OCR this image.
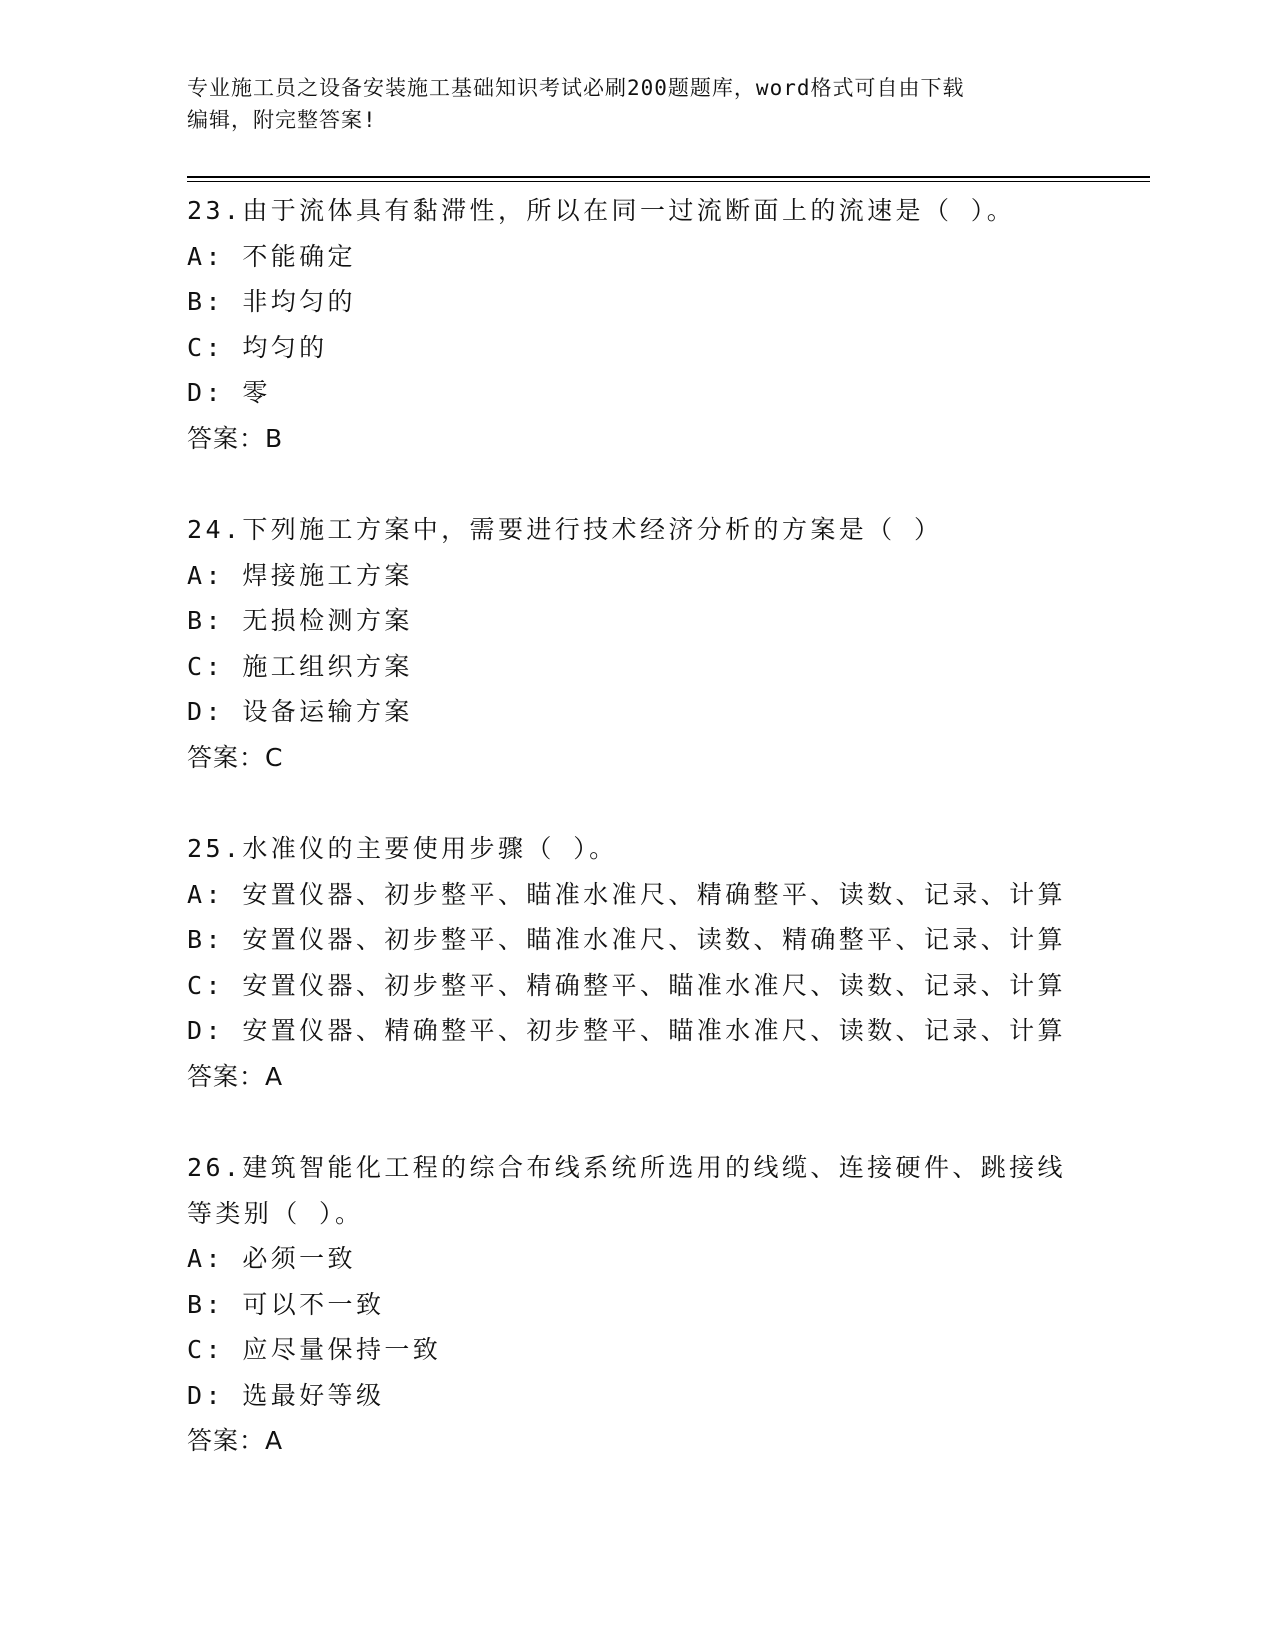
专业施工员之设备安装施工基础知识考试必刷200题题库，word格式可自由下载
编辑，附完整答案!
23.由于流体具有黏滞性，所以在同一过流断面上的流速是（ ）。
A: 不能确定
B: 非均匀的
C: 均匀的
D: 零
答案：B
24.下列施工方案中，需要进行技术经济分析的方案是（ ）
A: 焊接施工方案
B: 无损检测方案
C: 施工组织方案
D: 设备运输方案
答案：C
25.水准仪的主要使用步骤（ ）。
A: 安置仪器、初步整平、瞄准水准尺、精确整平、读数、记录、计算
B: 安置仪器、初步整平、瞄准水准尺、读数、精确整平、记录、计算
C: 安置仪器、初步整平、精确整平、瞄准水准尺、读数、记录、计算
D: 安置仪器、精确整平、初步整平、瞄准水准尺、读数、记录、计算
答案：A
26.建筑智能化工程的综合布线系统所选用的线缆、连接硬件、跳接线等类别（ ）。
A: 必须一致
B: 可以不一致
C: 应尽量保持一致
D: 选最好等级
答案：A
